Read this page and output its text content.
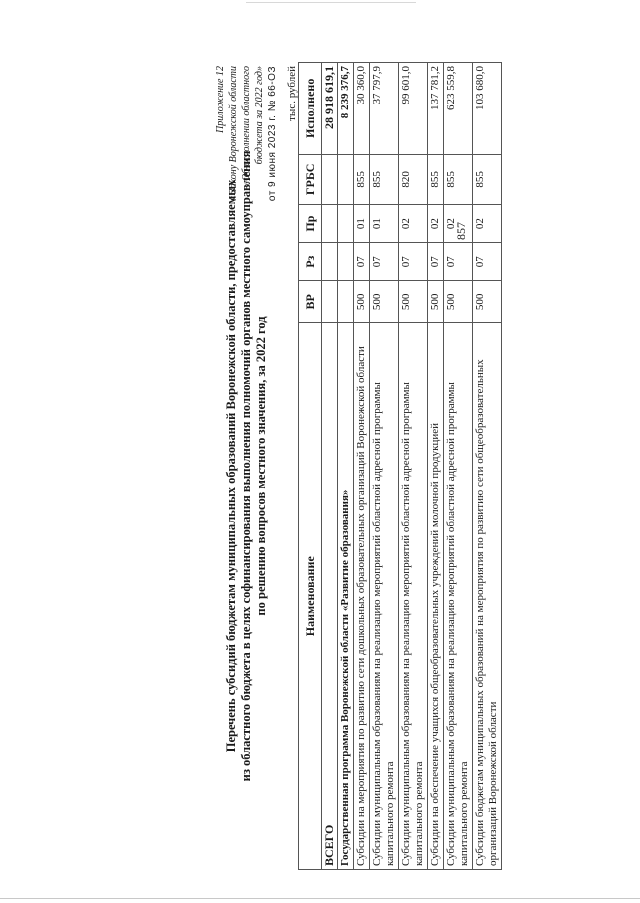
857
Приложение 12 к Закону Воронежской области «Об исполнении областного бюджета за 2022 год» от 9 июня 2023 г. № 66-ОЗ
Перечень субсидий бюджетам муниципальных образований Воронежской области, предоставляемых из областного бюджета в целях софинансирования выполнения полномочий органов местного самоуправления по решению вопросов местного значения, за 2022 год
тыс. рублей
Наименование	ВР	Рз	Пр	ГРБС	Исполнено
ВСЕГО					28 918 619,1
Государственная программа Воронежской области «Развитие образования»					8 239 376,7
Субсидии на мероприятия по развитию сети дошкольных образовательных организаций Воронежской области	500	07	01	855	30 360,0
Субсидии муниципальным образованиям на реализацию мероприятий областной адресной программы капитального ремонта	500	07	01	855	37 797,9
Субсидии муниципальным образованиям на реализацию мероприятий областной адресной программы капитального ремонта	500	07	02	820	99 601,0
Субсидии на обеспечение учащихся общеобразовательных учреждений молочной продукцией	500	07	02	855	137 781,2
Субсидии муниципальным образованиям на реализацию мероприятий областной адресной программы капитального ремонта	500	07	02	855	623 559,8
Субсидии бюджетам муниципальных образований на мероприятия по развитию сети общеобразовательных организаций Воронежской области	500	07	02	855	103 680,0
